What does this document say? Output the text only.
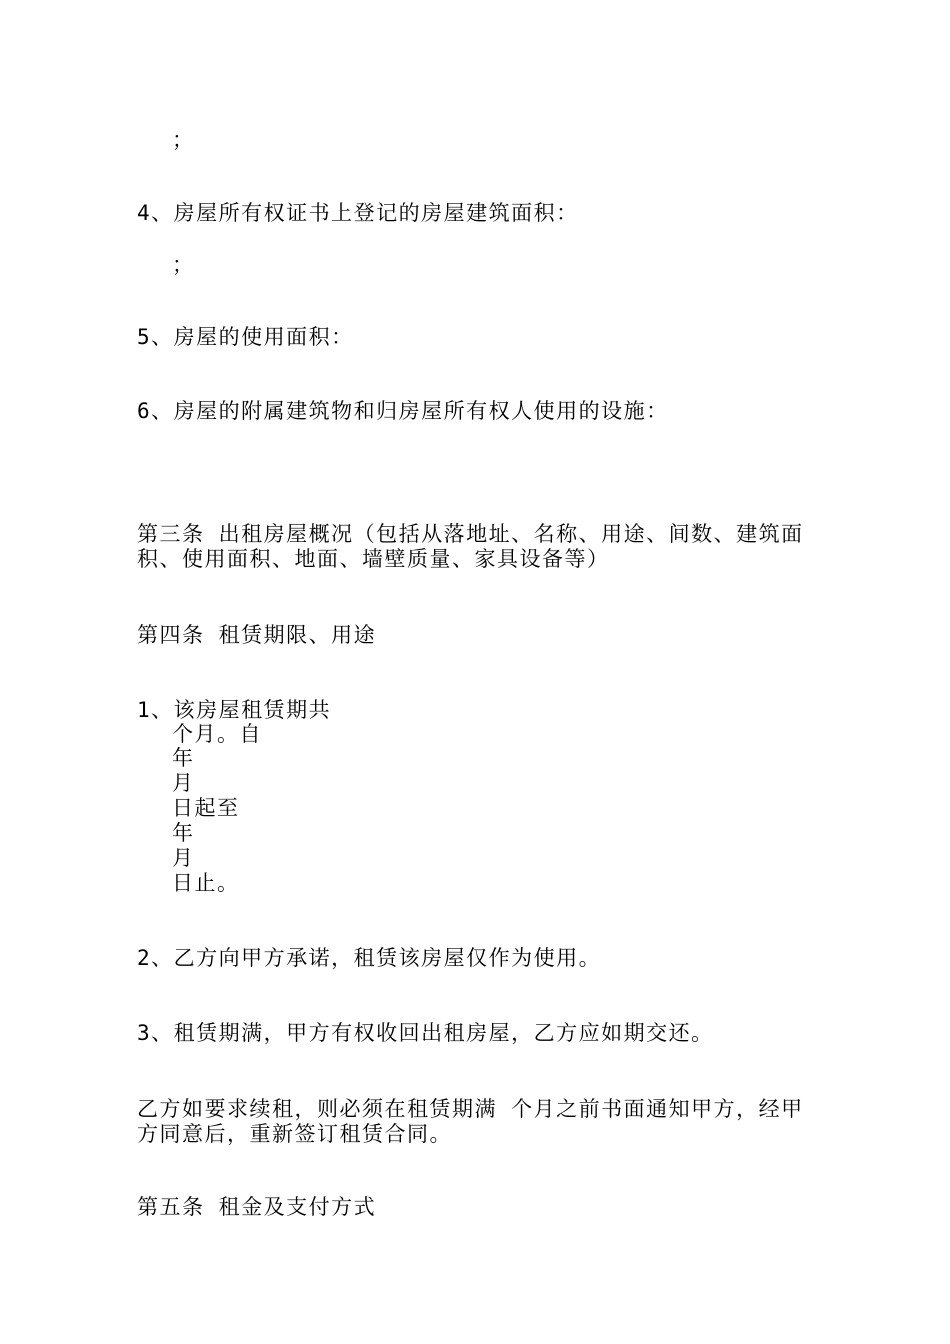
；
4、房屋所有权证书上登记的房屋建筑面积：
；
5、房屋的使用面积：
6、房屋的附属建筑物和归房屋所有权人使用的设施：
第三条 出租房屋概况（包括从落地址、名称、用途、间数、建筑面
积、使用面积、地面、墙壁质量、家具设备等）
第四条 租赁期限、用途
1、该房屋租赁期共
个月。自
年
月
日起至
年
月
日止。
2、乙方向甲方承诺，租赁该房屋仅作为使用。
3、租赁期满，甲方有权收回出租房屋，乙方应如期交还。
乙方如要求续租，则必须在租赁期满 个月之前书面通知甲方，经甲
方同意后，重新签订租赁合同。
第五条 租金及支付方式
